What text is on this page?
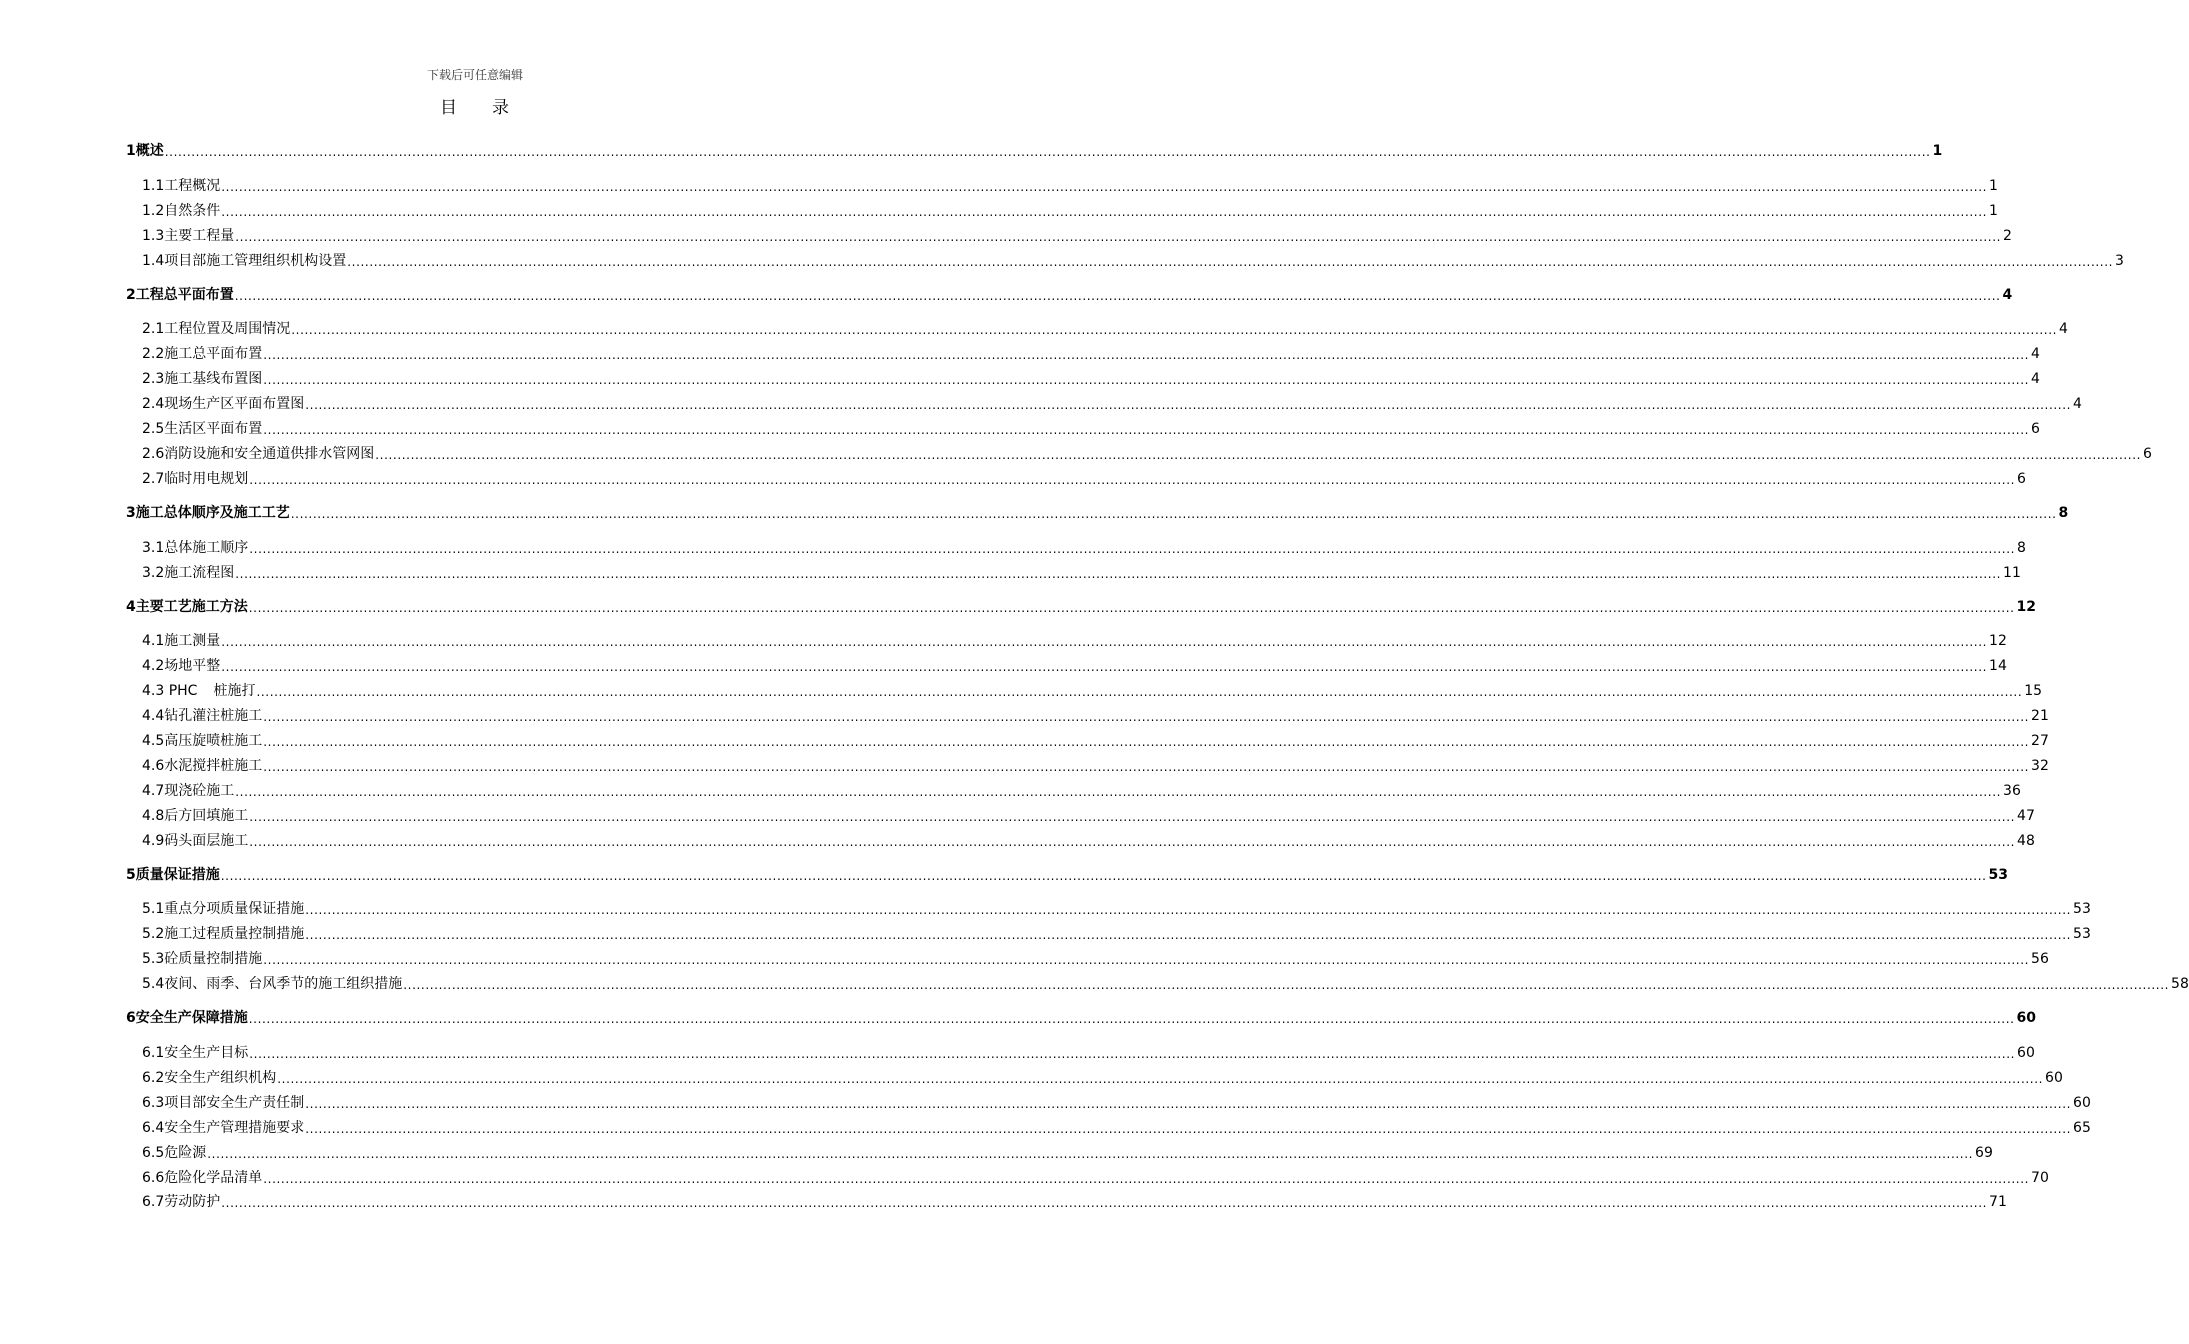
下载后可任意编辑
目 录
1 概述 ................................................................................................................................................................................................................................................................................................................................................................................................................ 1
1.1 工程概况 ................................................................................................................................................................................................................................................................................................................................................................................................................ 1
1.2 自然条件 ................................................................................................................................................................................................................................................................................................................................................................................................................ 1
1.3 主要工程量 ................................................................................................................................................................................................................................................................................................................................................................................................................ 2
1.4 项目部施工管理组织机构设置 ................................................................................................................................................................................................................................................................................................................................................................................................................ 3
2 工程总平面布置 ................................................................................................................................................................................................................................................................................................................................................................................................................ 4
2.1 工程位置及周围情况 ................................................................................................................................................................................................................................................................................................................................................................................................................ 4
2.2 施工总平面布置 ................................................................................................................................................................................................................................................................................................................................................................................................................ 4
2.3 施工基线布置图 ................................................................................................................................................................................................................................................................................................................................................................................................................ 4
2.4 现场生产区平面布置图 ................................................................................................................................................................................................................................................................................................................................................................................................................ 4
2.5 生活区平面布置 ................................................................................................................................................................................................................................................................................................................................................................................................................ 6
2.6 消防设施和安全通道供排水管网图 ................................................................................................................................................................................................................................................................................................................................................................................................................ 6
2.7 临时用电规划 ................................................................................................................................................................................................................................................................................................................................................................................................................ 6
3 施工总体顺序及施工工艺 ................................................................................................................................................................................................................................................................................................................................................................................................................ 8
3.1 总体施工顺序 ................................................................................................................................................................................................................................................................................................................................................................................................................ 8
3.2 施工流程图 ................................................................................................................................................................................................................................................................................................................................................................................................................ 11
4 主要工艺施工方法 ................................................................................................................................................................................................................................................................................................................................................................................................................ 12
4.1 施工测量 ................................................................................................................................................................................................................................................................................................................................................................................................................ 12
4.2 场地平整 ................................................................................................................................................................................................................................................................................................................................................................................................................ 14
4.3 PHC 桩施打 ................................................................................................................................................................................................................................................................................................................................................................................................................ 15
4.4 钻孔灌注桩施工 ................................................................................................................................................................................................................................................................................................................................................................................................................ 21
4.5 高压旋喷桩施工 ................................................................................................................................................................................................................................................................................................................................................................................................................ 27
4.6 水泥搅拌桩施工 ................................................................................................................................................................................................................................................................................................................................................................................................................ 32
4.7 现浇砼施工 ................................................................................................................................................................................................................................................................................................................................................................................................................ 36
4.8 后方回填施工 ................................................................................................................................................................................................................................................................................................................................................................................................................ 47
4.9 码头面层施工 ................................................................................................................................................................................................................................................................................................................................................................................................................ 48
5 质量保证措施 ................................................................................................................................................................................................................................................................................................................................................................................................................ 53
5.1 重点分项质量保证措施 ................................................................................................................................................................................................................................................................................................................................................................................................................ 53
5.2 施工过程质量控制措施 ................................................................................................................................................................................................................................................................................................................................................................................................................ 53
5.3 砼质量控制措施 ................................................................................................................................................................................................................................................................................................................................................................................................................ 56
5.4 夜间、雨季、台风季节的施工组织措施 ................................................................................................................................................................................................................................................................................................................................................................................................................ 58
6 安全生产保障措施 ................................................................................................................................................................................................................................................................................................................................................................................................................ 60
6.1 安全生产目标 ................................................................................................................................................................................................................................................................................................................................................................................................................ 60
6.2 安全生产组织机构 ................................................................................................................................................................................................................................................................................................................................................................................................................ 60
6.3 项目部安全生产责任制 ................................................................................................................................................................................................................................................................................................................................................................................................................ 60
6.4 安全生产管理措施要求 ................................................................................................................................................................................................................................................................................................................................................................................................................ 65
6.5 危险源 ................................................................................................................................................................................................................................................................................................................................................................................................................ 69
6.6 危险化学品清单 ................................................................................................................................................................................................................................................................................................................................................................................................................ 70
6.7 劳动防护 ................................................................................................................................................................................................................................................................................................................................................................................................................ 71
